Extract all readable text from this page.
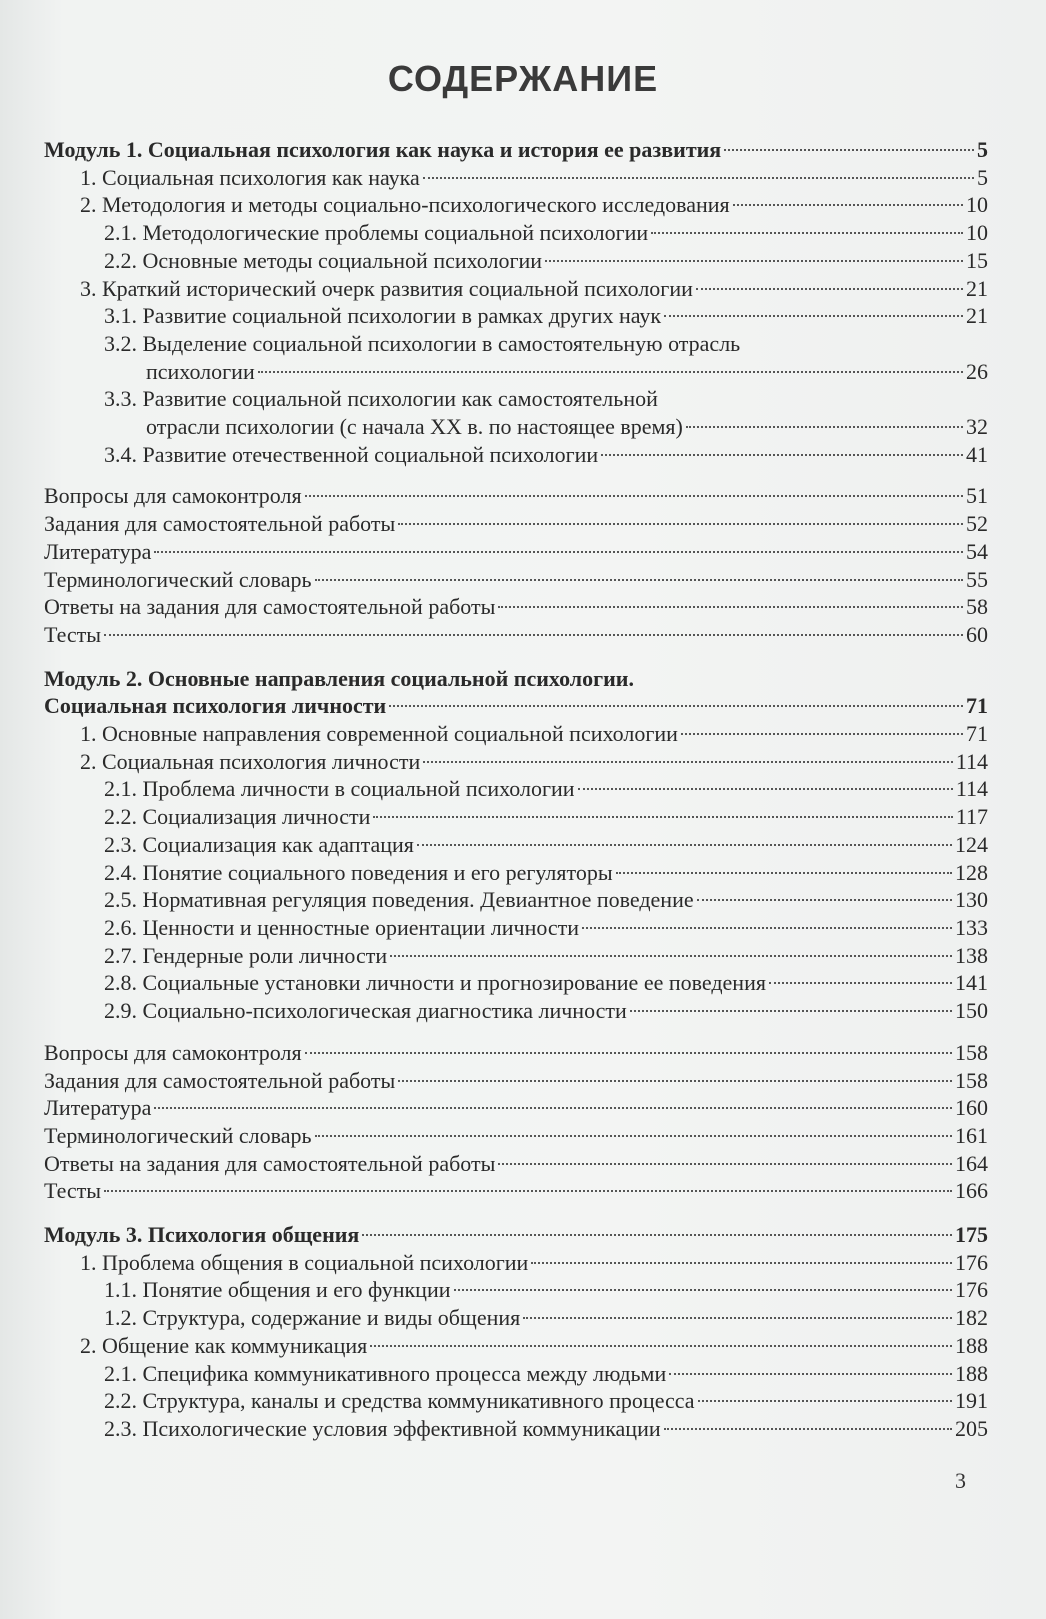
СОДЕРЖАНИЕ
Модуль 1. Социальная психология как наука и история ее развития	5
1. Социальная психология как наука	5
2. Методология и методы социально-психологического исследования	10
2.1. Методологические проблемы социальной психологии	10
2.2. Основные методы социальной психологии	15
3. Краткий исторический очерк развития социальной психологии	21
3.1. Развитие социальной психологии в рамках других наук	21
3.2. Выделение социальной психологии в самостоятельную отрасль
психологии	26
3.3. Развитие социальной психологии как самостоятельной
отрасли психологии (с начала XX в. по настоящее время)	32
3.4. Развитие отечественной социальной психологии	41
Вопросы для самоконтроля	51
Задания для самостоятельной работы	52
Литература	54
Терминологический словарь	55
Ответы на задания для самостоятельной работы	58
Тесты	60
Модуль 2. Основные направления социальной психологии.
Социальная психология личности	71
1. Основные направления современной социальной психологии	71
2. Социальная психология личности	114
2.1. Проблема личности в социальной психологии	114
2.2. Социализация личности	117
2.3. Социализация как адаптация	124
2.4. Понятие социального поведения и его регуляторы	128
2.5. Нормативная регуляция поведения. Девиантное поведение	130
2.6. Ценности и ценностные ориентации личности	133
2.7. Гендерные роли личности	138
2.8. Социальные установки личности и прогнозирование ее поведения	141
2.9. Социально-психологическая диагностика личности	150
Вопросы для самоконтроля	158
Задания для самостоятельной работы	158
Литература	160
Терминологический словарь	161
Ответы на задания для самостоятельной работы	164
Тесты	166
Модуль 3. Психология общения	175
1. Проблема общения в социальной психологии	176
1.1. Понятие общения и его функции	176
1.2. Структура, содержание и виды общения	182
2. Общение как коммуникация	188
2.1. Специфика коммуникативного процесса между людьми	188
2.2. Структура, каналы и средства коммуникативного процесса	191
2.3. Психологические условия эффективной коммуникации	205
3
